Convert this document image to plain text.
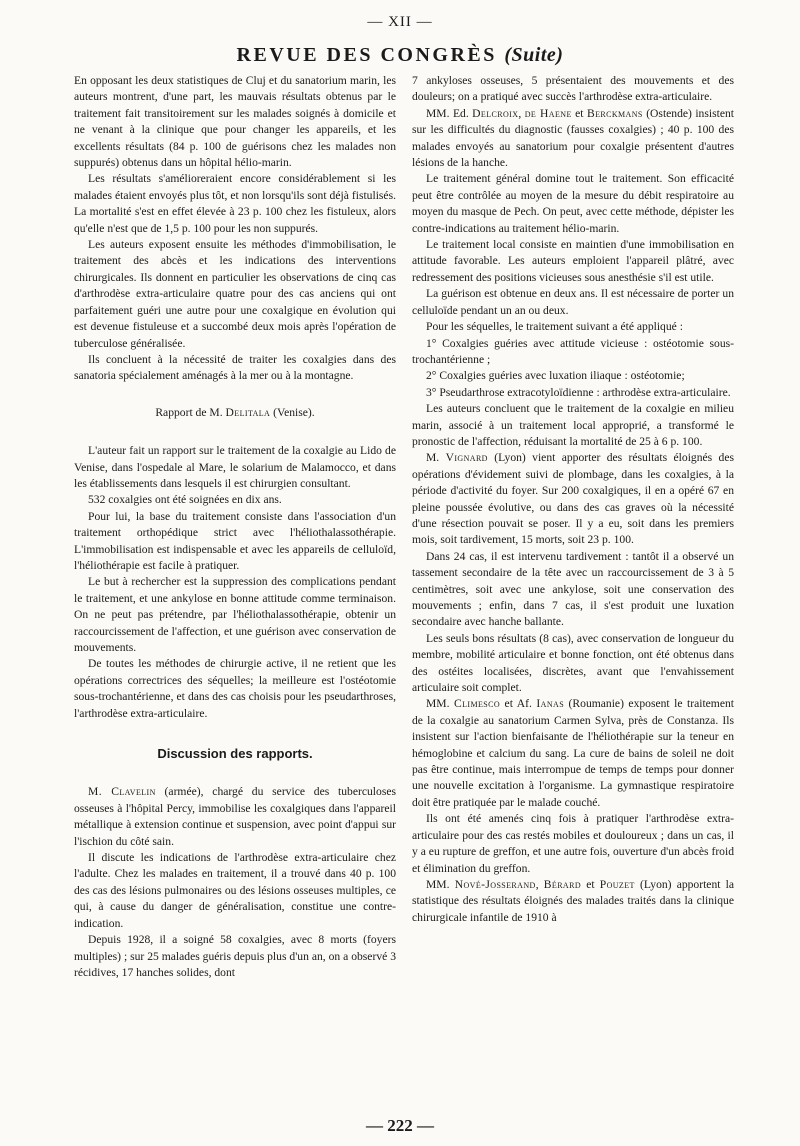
— XII —
REVUE DES CONGRÈS (Suite)

En opposant les deux statistiques de Cluj et du sanatorium marin, les auteurs montrent, d'une part, les mauvais résultats obtenus par le traitement fait transitoirement sur les malades soignés à domicile et ne venant à la clinique que pour changer les appareils, et les excellents résultats (84 p. 100 de guérisons chez les malades non suppurés) obtenus dans un hôpital hélio-marin.

Les résultats s'amélioreraient encore considérablement si les malades étaient envoyés plus tôt, et non lorsqu'ils sont déjà fistulisés. La mortalité s'est en effet élevée à 23 p. 100 chez les fistuleux, alors qu'elle n'est que de 1,5 p. 100 pour les non suppurés.

Les auteurs exposent ensuite les méthodes d'immobilisation, le traitement des abcès et les indications des interventions chirurgicales. Ils donnent en particulier les observations de cinq cas d'arthrodèse extra-articulaire quatre pour des cas anciens qui ont parfaitement guéri une autre pour une coxalgique en évolution qui est devenue fistuleuse et a succombé deux mois après l'opération de tuberculose généralisée.

Ils concluent à la nécessité de traiter les coxalgies dans des sanatoria spécialement aménagés à la mer ou à la montagne.

Rapport de M. Delitala (Venise).

L'auteur fait un rapport sur le traitement de la coxalgie au Lido de Venise, dans l'ospedale al Mare, le solarium de Malamocco, et dans les établissements dans lesquels il est chirurgien consultant.

532 coxalgies ont été soignées en dix ans.

Pour lui, la base du traitement consiste dans l'association d'un traitement orthopédique strict avec l'héliothalassothérapie. L'immobilisation est indispensable et avec les appareils de celluloïd, l'héliothérapie est facile à pratiquer.

Le but à rechercher est la suppression des complications pendant le traitement, et une ankylose en bonne attitude comme terminaison. On ne peut pas prétendre, par l'héliothalassothérapie, obtenir un raccourcissement de l'affection, et une guérison avec conservation de mouvements.

De toutes les méthodes de chirurgie active, il ne retient que les opérations correctrices des séquelles; la meilleure est l'ostéotomie sous-trochantérienne, et dans des cas choisis pour les pseudarthroses, l'arthrodèse extra-articulaire.

Discussion des rapports.

M. Clavelin (armée), chargé du service des tuberculoses osseuses à l'hôpital Percy, immobilise les coxalgiques dans l'appareil métallique à extension continue et suspension, avec point d'appui sur l'ischion du côté sain.

Il discute les indications de l'arthrodèse extra-articulaire chez l'adulte. Chez les malades en traitement, il a trouvé dans 40 p. 100 des cas des lésions pulmonaires ou des lésions osseuses multiples, ce qui, à cause du danger de généralisation, constitue une contre-indication.

Depuis 1928, il a soigné 58 coxalgies, avec 8 morts (foyers multiples) ; sur 25 malades guéris depuis plus d'un an, on a observé 3 récidives, 17 hanches solides, dont

7 ankyloses osseuses, 5 présentaient des mouvements et des douleurs; on a pratiqué avec succès l'arthrodèse extra-articulaire.

MM. Ed. Delcroix, de Haene et Berckmans (Ostende) insistent sur les difficultés du diagnostic (fausses coxalgies) ; 40 p. 100 des malades envoyés au sanatorium pour coxalgie présentent d'autres lésions de la hanche.

Le traitement général domine tout le traitement. Son efficacité peut être contrôlée au moyen de la mesure du débit respiratoire au moyen du masque de Pech. On peut, avec cette méthode, dépister les contre-indications au traitement hélio-marin.

Le traitement local consiste en maintien d'une immobilisation en attitude favorable. Les auteurs emploient l'appareil plâtré, avec redressement des positions vicieuses sous anesthésie s'il est utile.

La guérison est obtenue en deux ans. Il est nécessaire de porter un celluloïde pendant un an ou deux.

Pour les séquelles, le traitement suivant a été appliqué :

1° Coxalgies guéries avec attitude vicieuse : ostéotomie sous-trochantérienne ;

2° Coxalgies guéries avec luxation iliaque : ostéotomie;

3° Pseudarthrose extracotyloïdienne : arthrodèse extra-articulaire.

Les auteurs concluent que le traitement de la coxalgie en milieu marin, associé à un traitement local approprié, a transformé le pronostic de l'affection, réduisant la mortalité de 25 à 6 p. 100.

M. Vignard (Lyon) vient apporter des résultats éloignés des opérations d'évidement suivi de plombage, dans les coxalgies, à la période d'activité du foyer. Sur 200 coxalgiques, il en a opéré 67 en pleine poussée évolutive, ou dans des cas graves où la nécessité d'une résection pouvait se poser. Il y a eu, soit dans les premiers mois, soit tardivement, 15 morts, soit 23 p. 100.

Dans 24 cas, il est intervenu tardivement : tantôt il a observé un tassement secondaire de la tête avec un raccourcissement de 3 à 5 centimètres, soit avec une ankylose, soit une conservation des mouvements ; enfin, dans 7 cas, il s'est produit une luxation secondaire avec hanche ballante.

Les seuls bons résultats (8 cas), avec conservation de longueur du membre, mobilité articulaire et bonne fonction, ont été obtenus dans des ostéites localisées, discrètes, avant que l'envahissement articulaire soit complet.

MM. Climesco et Af. Ianas (Roumanie) exposent le traitement de la coxalgie au sanatorium Carmen Sylva, près de Constanza. Ils insistent sur l'action bienfaisante de l'héliothérapie sur la teneur en hémoglobine et calcium du sang. La cure de bains de soleil ne doit pas être continue, mais interrompue de temps de temps pour donner une nouvelle excitation à l'organisme. La gymnastique respiratoire doit être pratiquée par le malade couché.

Ils ont été amenés cinq fois à pratiquer l'arthrodèse extra-articulaire pour des cas restés mobiles et douloureux ; dans un cas, il y a eu rupture de greffon, et une autre fois, ouverture d'un abcès froid et élimination du greffon.

MM. Nové-Josserand, Bérard et Pouzet (Lyon) apportent la statistique des résultats éloignés des malades traités dans la clinique chirurgicale infantile de 1910 à

— 222 —
